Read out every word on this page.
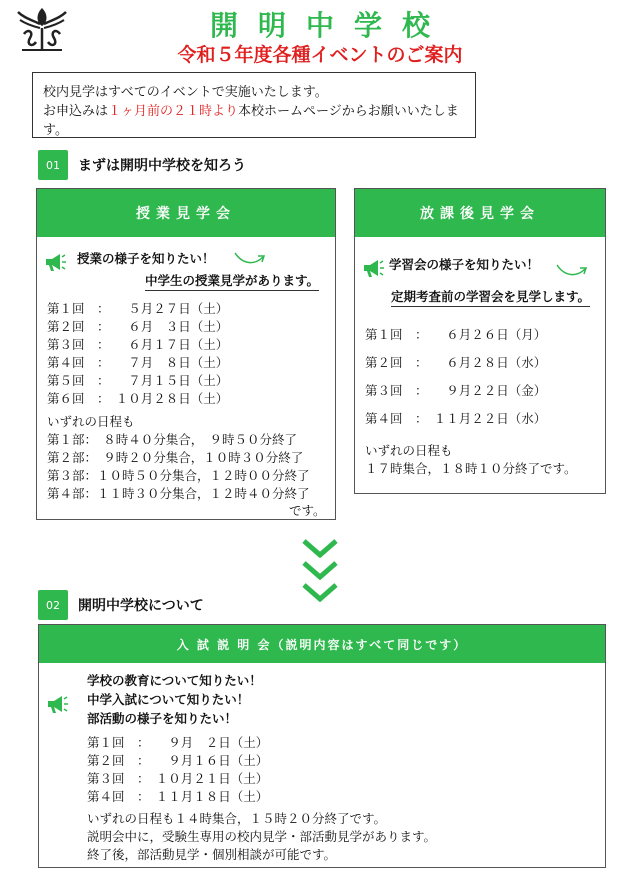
開明中学校
令和５年度各種イベントのご案内
校内見学はすべてのイベントで実施いたします。
お申込みは１ヶ月前の２１時より本校ホームページからお願いいたします。
01	まずは開明中学校を知ろう
授業見学会
授業の様子を知りたい！
中学生の授業見学があります。
第１回　：　　５月２７日（土）
第２回　：　　６月　３日（土）
第３回　：　　６月１７日（土）
第４回　：　　７月　８日（土）
第５回　：　　７月１５日（土）
第６回　：　１０月２８日（土）
いずれの日程も
第１部：　８時４０分集合，　９時５０分終了
第２部：　９時２０分集合，１０時３０分終了
第３部：１０時５０分集合，１２時００分終了
第４部：１１時３０分集合，１２時４０分終了
です。
放課後見学会
学習会の様子を知りたい！
定期考査前の学習会を見学します。
第１回　：　　６月２６日（月）
第２回　：　　６月２８日（水）
第３回　：　　９月２２日（金）
第４回　：　１１月２２日（水）
いずれの日程も
１７時集合，１８時１０分終了です。
02	開明中学校について
入 試 説 明 会（説明内容はすべて同じです）
学校の教育について知りたい！
中学入試について知りたい！
部活動の様子を知りたい！
第１回　：　　９月　２日（土）
第２回　：　　９月１６日（土）
第３回　：　１０月２１日（土）
第４回　：　１１月１８日（土）
いずれの日程も１４時集合，１５時２０分終了です。
説明会中に，受験生専用の校内見学・部活動見学があります。
終了後，部活動見学・個別相談が可能です。
